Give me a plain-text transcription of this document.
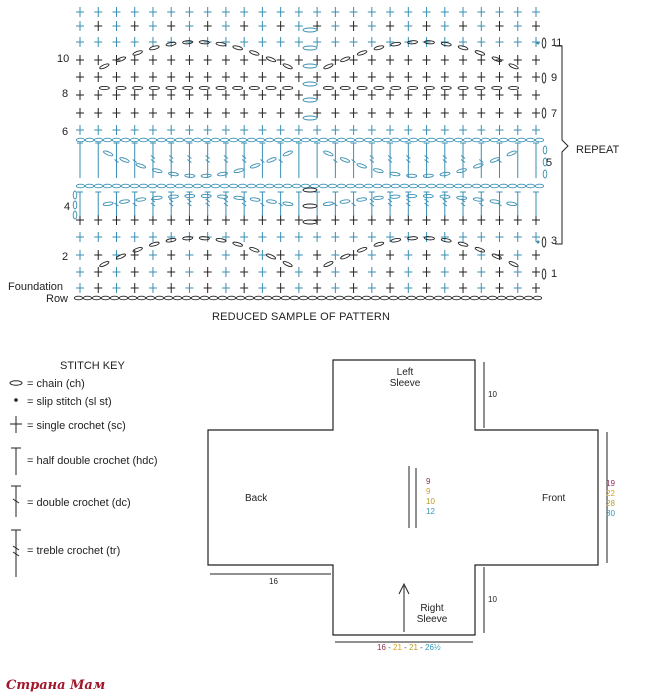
10
8
6
4
2
11
9
7
5
3
1
REPEAT
Foundation
Row
REDUCED SAMPLE OF PATTERN
STITCH KEY
= chain (ch)
= slip stitch (sl st)
= single crochet (sc)
= half double crochet (hdc)
= double crochet (dc)
= treble crochet (tr)
Left
Sleeve
Right
Sleeve
Back	Front
10
10
16
9
9
10
12
19
22
28
30
16 - 21 - 21 - 26½
Страна Мам
